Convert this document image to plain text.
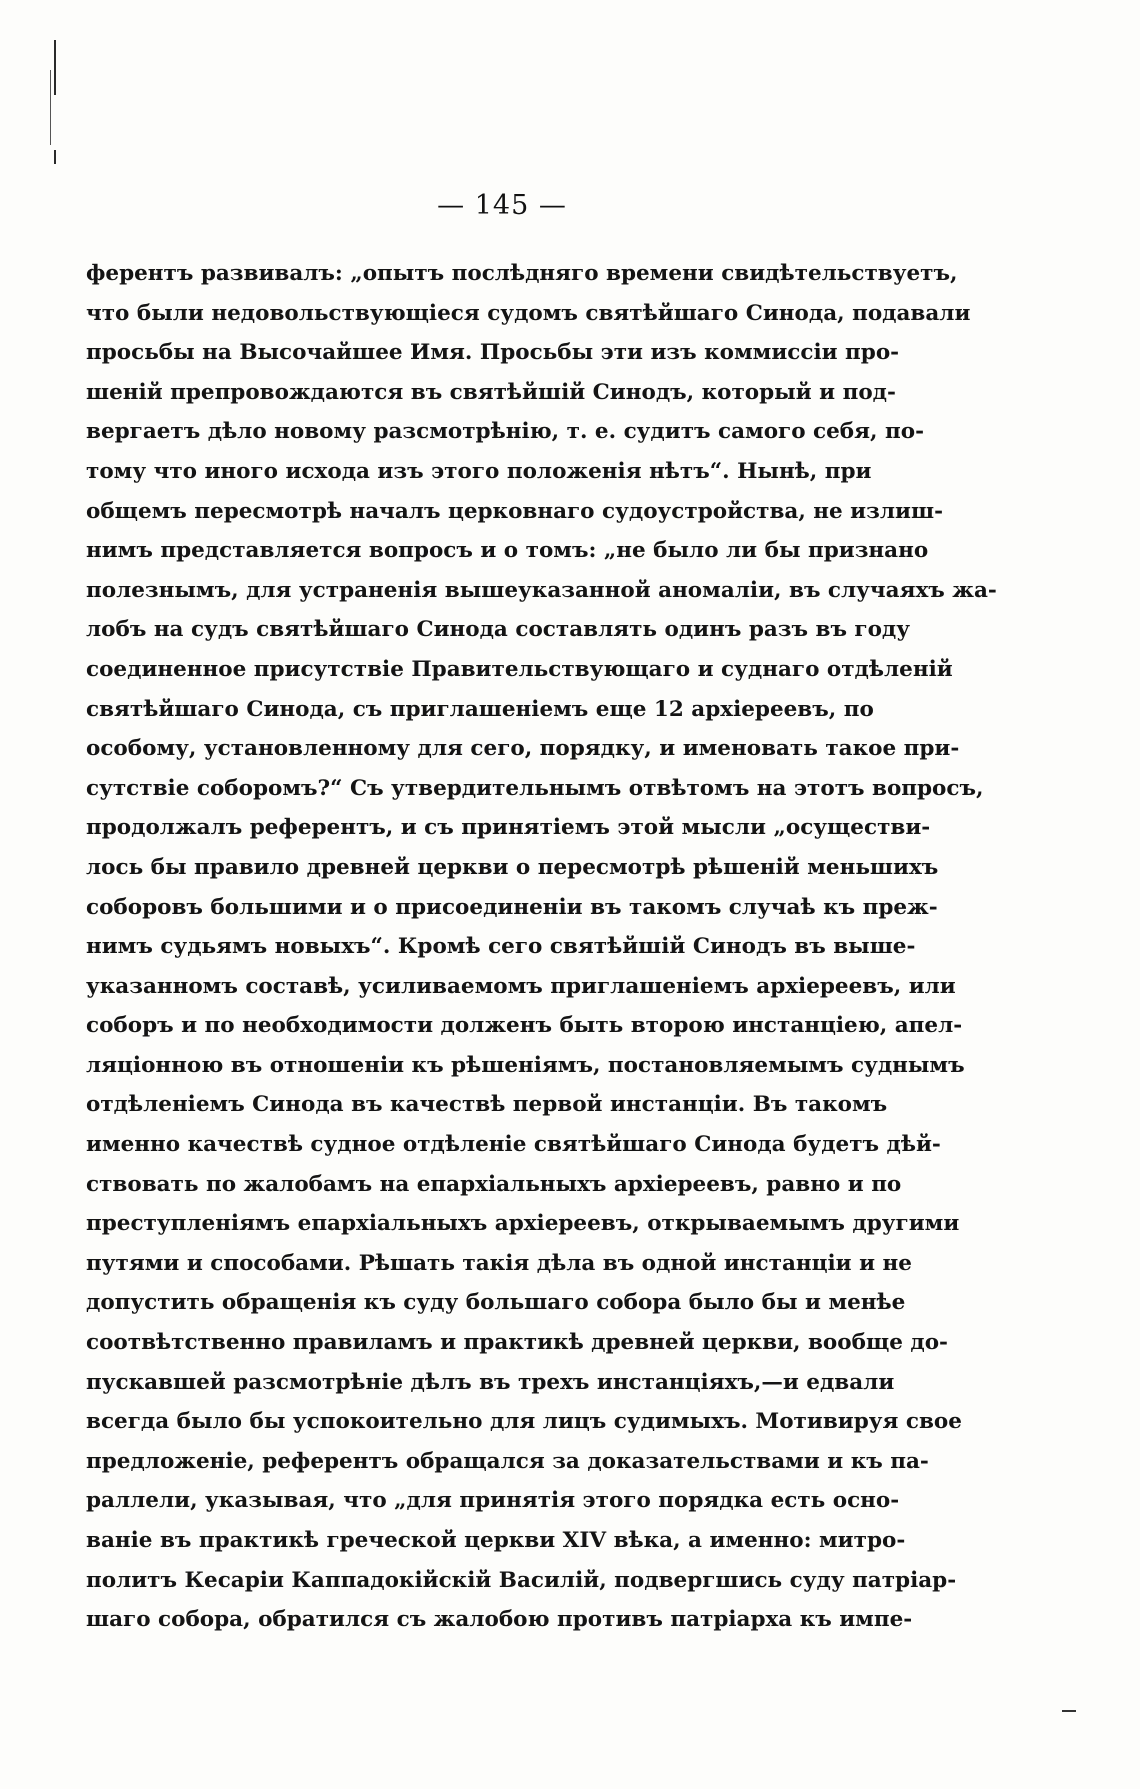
— 145 —
ферентъ развивалъ: „опытъ послѣдняго времени свидѣтельствуетъ,
что были недовольствующіеся судомъ святѣйшаго Синода, подавали
просьбы на Высочайшее Имя. Просьбы эти изъ коммиссіи про-
шеній препровождаются въ святѣйшій Синодъ, который и под-
вергаетъ дѣло новому разсмотрѣнію, т. е. судитъ самого себя, по-
тому что иного исхода изъ этого положенія нѣтъ“. Нынѣ, при
общемъ пересмотрѣ началъ церковнаго судоустройства, не излиш-
нимъ представляется вопросъ и о томъ: „не было ли бы признано
полезнымъ, для устраненія вышеуказанной аномаліи, въ случаяхъ жа-
лобъ на судъ святѣйшаго Синода составлять одинъ разъ въ году
соединенное присутствіе Правительствующаго и суднаго отдѣленій
святѣйшаго Синода, съ приглашеніемъ еще 12 архіереевъ, по
особому, установленному для сего, порядку, и именовать такое при-
сутствіе соборомъ?“ Съ утвердительнымъ отвѣтомъ на этотъ вопросъ,
продолжалъ референтъ, и съ принятіемъ этой мысли „осуществи-
лось бы правило древней церкви о пересмотрѣ рѣшеній меньшихъ
соборовъ большими и о присоединеніи въ такомъ случаѣ къ преж-
нимъ судьямъ новыхъ“. Кромѣ сего святѣйшій Синодъ въ выше-
указанномъ составѣ, усиливаемомъ приглашеніемъ архіереевъ, или
соборъ и по необходимости долженъ быть второю инстанціею, апел-
ляціонною въ отношеніи къ рѣшеніямъ, постановляемымъ суднымъ
отдѣленіемъ Синода въ качествѣ первой инстанціи. Въ такомъ
именно качествѣ судное отдѣленіе святѣйшаго Синода будетъ дѣй-
ствовать по жалобамъ на епархіальныхъ архіереевъ, равно и по
преступленіямъ епархіальныхъ архіереевъ, открываемымъ другими
путями и способами. Рѣшать такія дѣла въ одной инстанціи и не
допустить обращенія къ суду большаго собора было бы и менѣе
соотвѣтственно правиламъ и практикѣ древней церкви, вообще до-
пускавшей разсмотрѣніе дѣлъ въ трехъ инстанціяхъ,—и едвали
всегда было бы успокоительно для лицъ судимыхъ. Мотивируя свое
предложеніе, референтъ обращался за доказательствами и къ па-
раллели, указывая, что „для принятія этого порядка есть осно-
ваніе въ практикѣ греческой церкви XIV вѣка, а именно: митро-
политъ Кесаріи Каппадокійскій Василій, подвергшись суду патріар-
шаго собора, обратился съ жалобою противъ патріарха къ импе-
